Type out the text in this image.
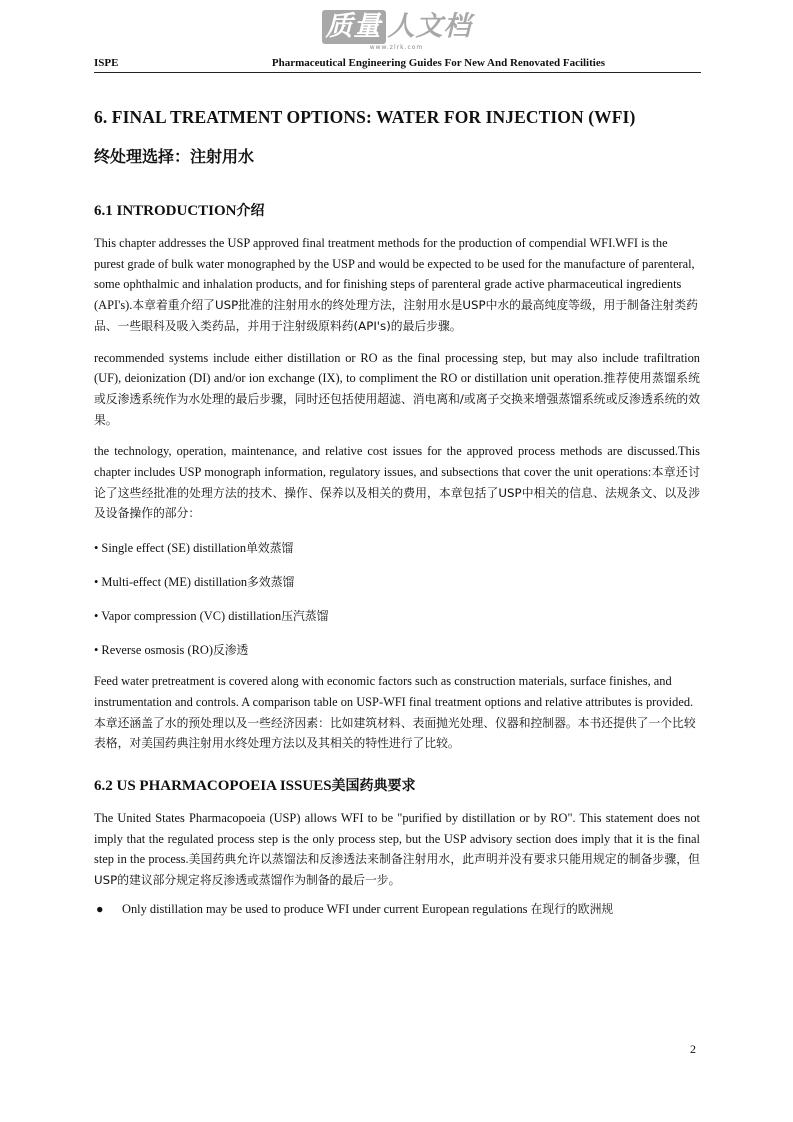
质量 人文档
www.zlrk.com
ISPE	Pharmaceutical Engineering Guides For New And Renovated Facilities
6. FINAL TREATMENT OPTIONS: WATER FOR INJECTION (WFI)
终处理选择：注射用水
6.1 INTRODUCTION介绍

This chapter addresses the USP approved final treatment methods for the production of compendial WFI.WFI is the purest grade of bulk water monographed by the USP and would be expected to be used for the manufacture of parenteral, some ophthalmic and inhalation products, and for finishing steps of parenteral grade active pharmaceutical ingredients (API's).本章着重介绍了USP批准的注射用水的终处理方法，注射用水是USP中水的最高纯度等级，用于制备注射类药品、一些眼科及吸入类药品，并用于注射级原料药(API's)的最后步骤。

recommended systems include either distillation or RO as the final processing step, but may also include trafiltration (UF), deionization (DI) and/or ion exchange (IX), to compliment the RO or distillation unit operation.推荐使用蒸馏系统或反渗透系统作为水处理的最后步骤，同时还包括使用超滤、消电离和/或离子交换来增强蒸馏系统或反渗透系统的效果。

the technology, operation, maintenance, and relative cost issues for the approved process methods are discussed.This chapter includes USP monograph information, regulatory issues, and subsections that cover the unit operations:本章还讨论了这些经批准的处理方法的技术、操作、保养以及相关的费用，本章包括了USP中相关的信息、法规条文、以及涉及设备操作的部分：

• Single effect (SE) distillation单效蒸馏

• Multi-effect (ME) distillation多效蒸馏

• Vapor compression (VC) distillation压汽蒸馏

• Reverse osmosis (RO)反渗透

Feed water pretreatment is covered along with economic factors such as construction materials, surface finishes, and instrumentation and controls. A comparison table on USP-WFI final treatment options and relative attributes is provided.本章还涵盖了水的预处理以及一些经济因素：比如建筑材料、表面抛光处理、仪器和控制器。本书还提供了一个比较表格，对美国药典注射用水终处理方法以及其相关的特性进行了比较。

6.2 US PHARMACOPOEIA ISSUES美国药典要求

The United States Pharmacopoeia (USP) allows WFI to be "purified by distillation or by RO". This statement does not imply that the regulated process step is the only process step, but the USP advisory section does imply that it is the final step in the process.美国药典允许以蒸馏法和反渗透法来制备注射用水，此声明并没有要求只能用规定的制备步骤，但USP的建议部分规定将反渗透或蒸馏作为制备的最后一步。

● Only distillation may be used to produce WFI under current European regulations 在现行的欧洲规
2
